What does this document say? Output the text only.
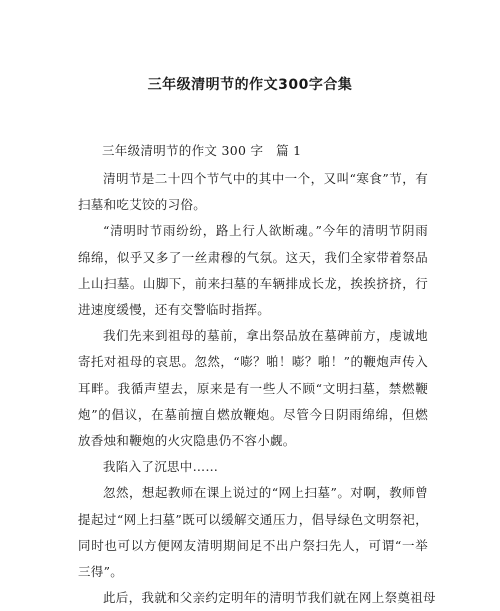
三年级清明节的作文300字合集
三年级清明节的作文 300 字　篇 1

清明节是二十四个节气中的其中一个，又叫“寒食”节，有扫墓和吃艾饺的习俗。

“清明时节雨纷纷，路上行人欲断魂。”今年的清明节阴雨绵绵，似乎又多了一丝肃穆的气氛。这天，我们全家带着祭品上山扫墓。山脚下，前来扫墓的车辆排成长龙，挨挨挤挤，行进速度缓慢，还有交警临时指挥。

我们先来到祖母的墓前，拿出祭品放在墓碑前方，虔诚地寄托对祖母的哀思。忽然，“嘭？啪！嘭？啪！”的鞭炮声传入耳畔。我循声望去，原来是有一些人不顾“文明扫墓，禁燃鞭炮”的倡议，在墓前擅自燃放鞭炮。尽管今日阴雨绵绵，但燃放香烛和鞭炮的火灾隐患仍不容小觑。

我陷入了沉思中……

忽然，想起教师在课上说过的“网上扫墓”。对啊，教师曾提起过“网上扫墓”既可以缓解交通压力，倡导绿色文明祭祀，同时也可以方便网友清明期间足不出户祭扫先人，可谓“一举三得”。

此后，我就和父亲约定明年的清明节我们就在网上祭奠祖母
